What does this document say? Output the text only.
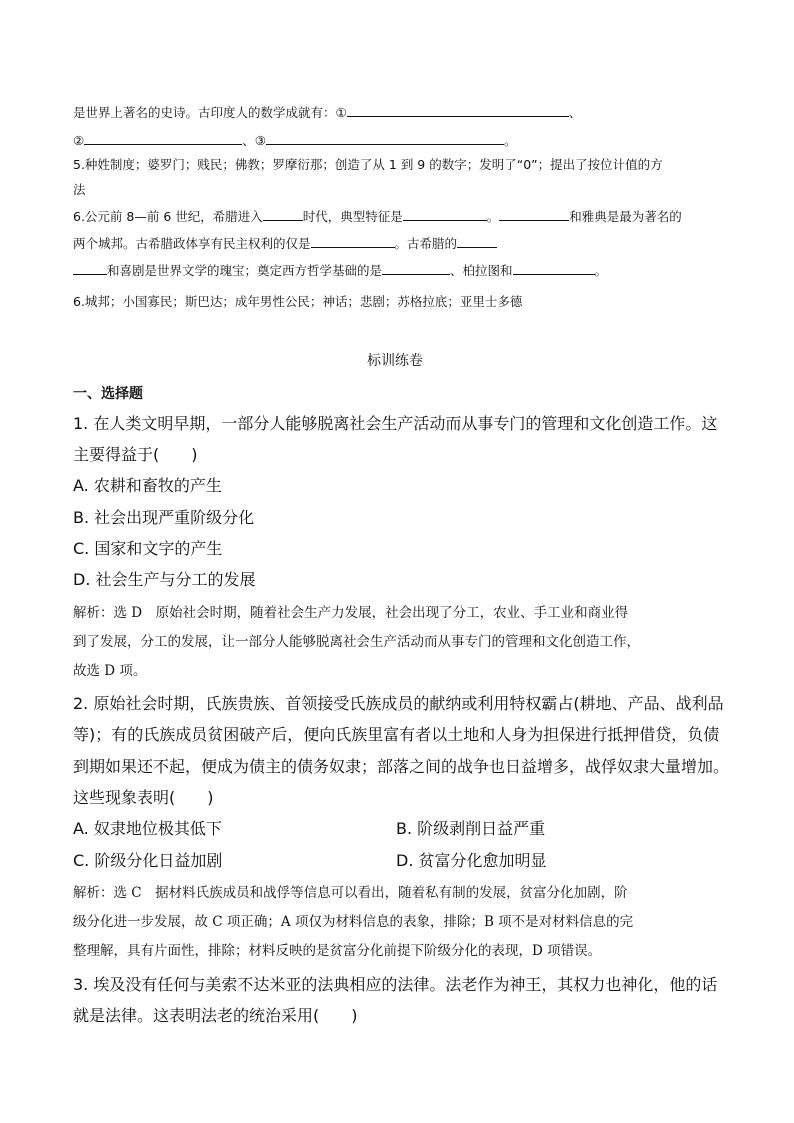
是世界上著名的史诗。古印度人的数学成就有：①	、
②	、③	。
5.种姓制度；婆罗门；贱民；佛教；罗摩衍那；创造了从 1 到 9 的数字；发明了“0”；提出了按位计值的方
法
6.公元前 8—前 6 世纪，希腊进入	时代，典型特征是	。	和雅典是最为著名的
两个城邦。古希腊政体享有民主权利的仅是	。古希腊的
和喜剧是世界文学的瑰宝；奠定西方哲学基础的是	、柏拉图和	。
6.城邦；小国寡民；斯巴达；成年男性公民；神话；悲剧；苏格拉底；亚里士多德
标训练卷
一、选择题
1. 在人类文明早期，一部分人能够脱离社会生产活动而从事专门的管理和文化创造工作。这
主要得益于(　　)
A. 农耕和畜牧的产生
B. 社会出现严重阶级分化
C. 国家和文字的产生
D. 社会生产与分工的发展
解析：选 D　原始社会时期，随着社会生产力发展，社会出现了分工，农业、手工业和商业得
到了发展，分工的发展，让一部分人能够脱离社会生产活动而从事专门的管理和文化创造工作，
故选 D 项。
2. 原始社会时期，氏族贵族、首领接受氏族成员的献纳或利用特权霸占(耕地、产品、战利品
等)；有的氏族成员贫困破产后，便向氏族里富有者以土地和人身为担保进行抵押借贷，负债
到期如果还不起，便成为债主的债务奴隶；部落之间的战争也日益增多，战俘奴隶大量增加。
这些现象表明(　　)
A. 奴隶地位极其低下	B. 阶级剥削日益严重
C. 阶级分化日益加剧	D. 贫富分化愈加明显
解析：选 C　据材料氏族成员和战俘等信息可以看出，随着私有制的发展，贫富分化加剧，阶
级分化进一步发展，故 C 项正确；A 项仅为材料信息的表象，排除；B 项不是对材料信息的完
整理解，具有片面性，排除；材料反映的是贫富分化前提下阶级分化的表现，D 项错误。
3. 埃及没有任何与美索不达米亚的法典相应的法律。法老作为神王，其权力也神化，他的话
就是法律。这表明法老的统治采用(　　)
